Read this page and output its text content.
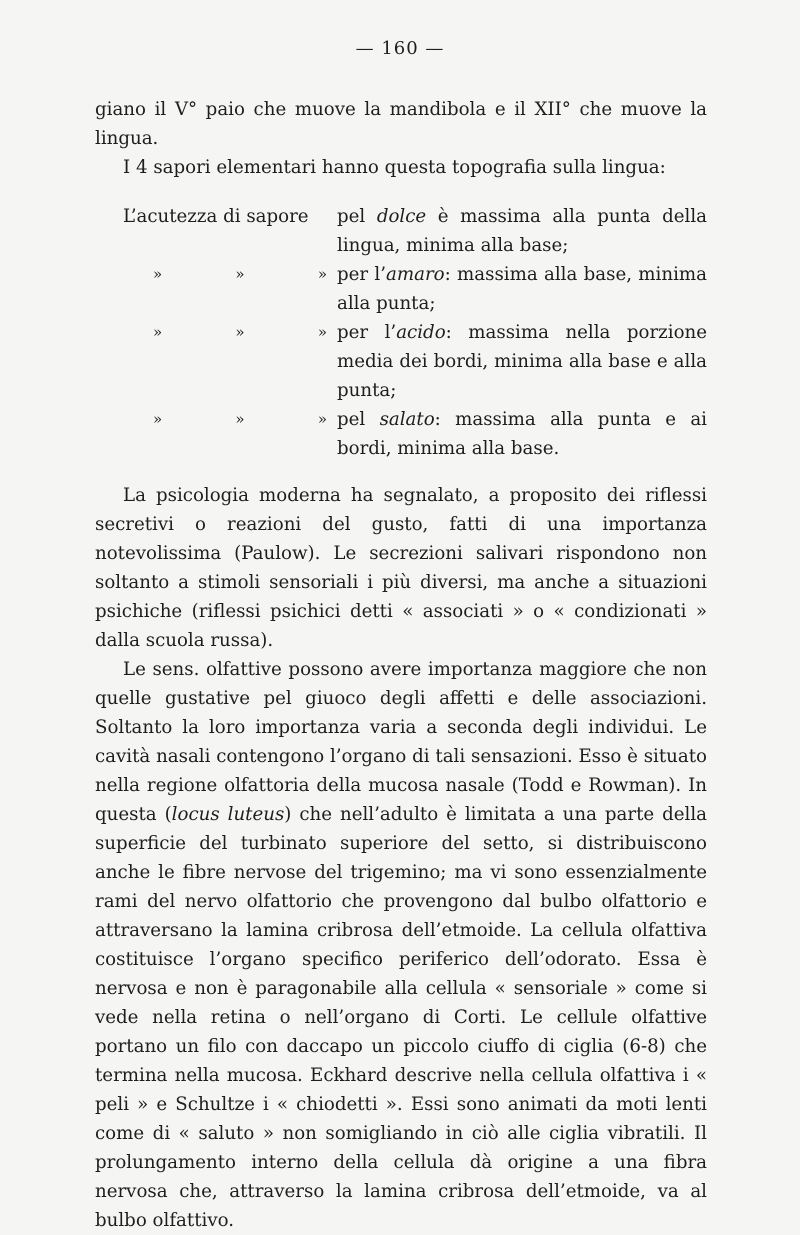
— 160 —

giano il V° paio che muove la mandibola e il XII° che muove la lingua.

I 4 sapori elementari hanno questa topografia sulla lingua:

L’acutezza di sapore	pel dolce è massima alla punta della lingua, minima alla base;
»	»	» per l’amaro: massima alla base, minima alla punta;
»	»	» per l’acido: massima nella porzione media dei bordi, minima alla base e alla punta;
»	»	» pel salato: massima alla punta e ai bordi, minima alla base.

La psicologia moderna ha segnalato, a proposito dei riflessi secretivi o reazioni del gusto, fatti di una importanza notevolissima (Paulow). Le secrezioni salivari rispondono non soltanto a stimoli sensoriali i più diversi, ma anche a situazioni psichiche (riflessi psichici detti « associati » o « condizionati » dalla scuola russa).

Le sens. olfattive possono avere importanza maggiore che non quelle gustative pel giuoco degli affetti e delle associazioni. Soltanto la loro importanza varia a seconda degli individui. Le cavità nasali contengono l’organo di tali sensazioni. Esso è situato nella regione olfattoria della mucosa nasale (Todd e Rowman). In questa (locus luteus) che nell’adulto è limitata a una parte della superficie del turbinato superiore del setto, si distribuiscono anche le fibre nervose del trigemino; ma vi sono essenzialmente rami del nervo olfattorio che provengono dal bulbo olfattorio e attraversano la lamina cribrosa dell’etmoide. La cellula olfattiva costituisce l’organo specifico periferico dell’odorato. Essa è nervosa e non è paragonabile alla cellula « sensoriale » come si vede nella retina o nell’organo di Corti. Le cellule olfattive portano un filo con daccapo un piccolo ciuffo di ciglia (6-8) che termina nella mucosa. Eckhard descrive nella cellula olfattiva i « peli » e Schultze i « chiodetti ». Essi sono animati da moti lenti come di « saluto » non somigliando in ciò alle ciglia vibratili. Il prolungamento interno della cellula dà origine a una fibra nervosa che, attraverso la lamina cribrosa dell’etmoide, va al bulbo olfattivo.
